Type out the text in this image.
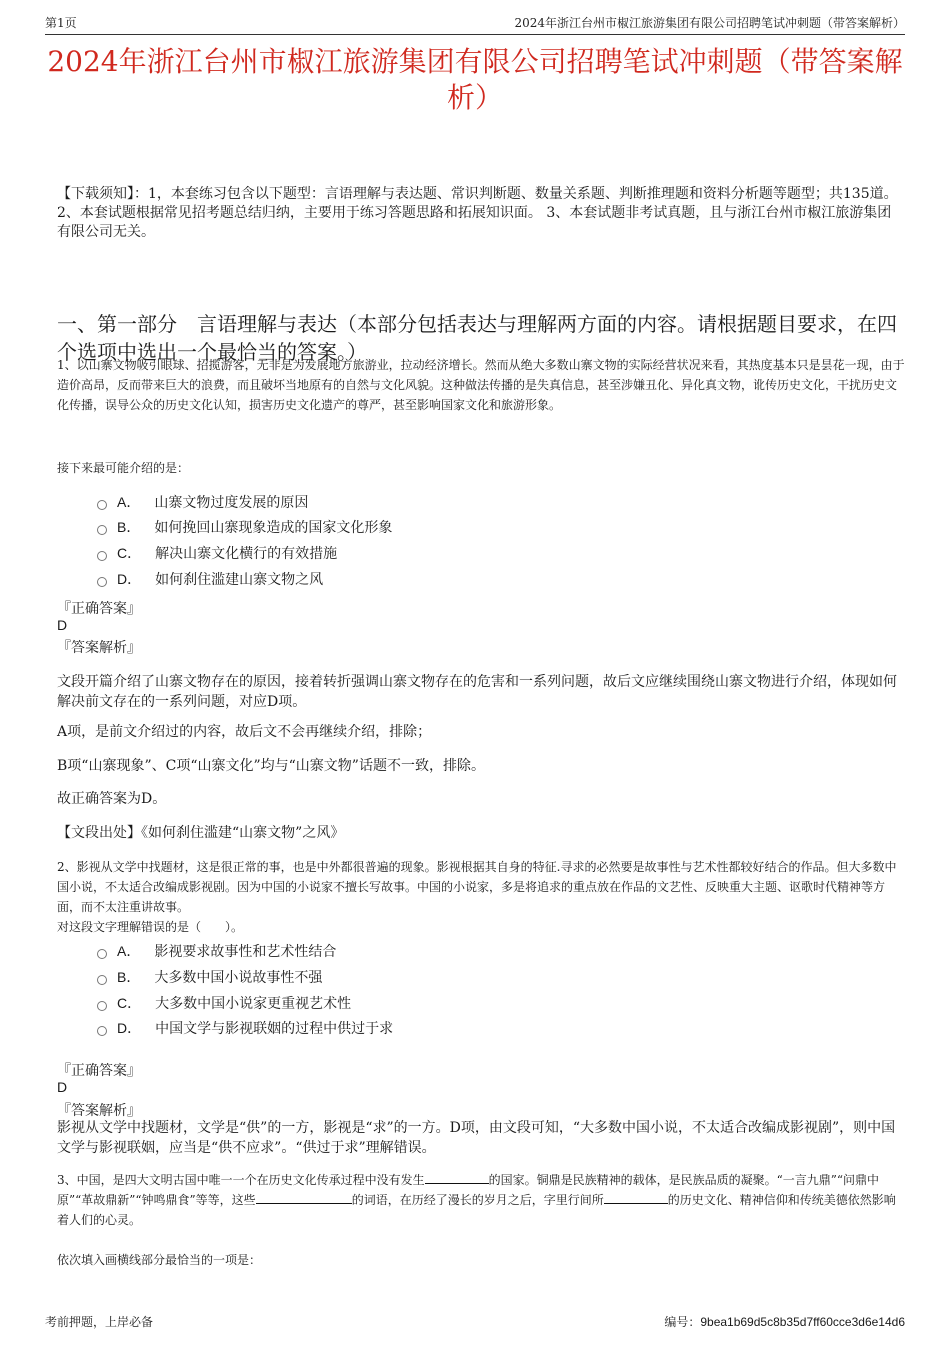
第1页	2024年浙江台州市椒江旅游集团有限公司招聘笔试冲刺题（带答案解析）
2024年浙江台州市椒江旅游集团有限公司招聘笔试冲刺题（带答案解析）
【下载须知】：1，本套练习包含以下题型：言语理解与表达题、常识判断题、数量关系题、判断推理题和资料分析题等题型；共135道。 2、本套试题根据常见招考题总结归纳，主要用于练习答题思路和拓展知识面。 3、本套试题非考试真题，且与浙江台州市椒江旅游集团有限公司无关。
一、第一部分　言语理解与表达（本部分包括表达与理解两方面的内容。请根据题目要求，在四个选项中选出一个最恰当的答案。）
1、以山寨文物吸引眼球、招揽游客，无非是为发展地方旅游业，拉动经济增长。然而从绝大多数山寨文物的实际经营状况来看，其热度基本只是昙花一现，由于造价高昂，反而带来巨大的浪费，而且破坏当地原有的自然与文化风貌。这种做法传播的是失真信息，甚至涉嫌丑化、异化真文物，讹传历史文化，干扰历史文化传播，误导公众的历史文化认知，损害历史文化遗产的尊严，甚至影响国家文化和旅游形象。
接下来最可能介绍的是：
A． 山寨文物过度发展的原因
B． 如何挽回山寨现象造成的国家文化形象
C． 解决山寨文化横行的有效措施
D． 如何刹住滥建山寨文物之风
『正确答案』
D
『答案解析』
文段开篇介绍了山寨文物存在的原因，接着转折强调山寨文物存在的危害和一系列问题，故后文应继续围绕山寨文物进行介绍，体现如何解决前文存在的一系列问题，对应D项。
A项，是前文介绍过的内容，故后文不会再继续介绍，排除；
B项“山寨现象”、C项“山寨文化”均与“山寨文物”话题不一致，排除。
故正确答案为D。
【文段出处】《如何刹住滥建“山寨文物”之风》
2、影视从文学中找题材，这是很正常的事，也是中外都很普遍的现象。影视根据其自身的特征.寻求的必然要是故事性与艺术性都较好结合的作品。但大多数中国小说，不太适合改编成影视剧。因为中国的小说家不擅长写故事。中国的小说家，多是将追求的重点放在作品的文艺性、反映重大主题、讴歌时代精神等方面，而不太注重讲故事。
对这段文字理解错误的是（　　）。
A． 影视要求故事性和艺术性结合
B． 大多数中国小说故事性不强
C． 大多数中国小说家更重视艺术性
D． 中国文学与影视联姻的过程中供过于求
『正确答案』
D
『答案解析』
影视从文学中找题材，文学是“供”的一方，影视是“求”的一方。D项，由文段可知，“大多数中国小说，不太适合改编成影视剧”，则中国文学与影视联姻，应当是“供不应求”。“供过于求”理解错误。
3、中国，是四大文明古国中唯一一个在历史文化传承过程中没有发生	的国家。铜鼎是民族精神的载体，是民族品质的凝聚。“一言九鼎”“问鼎中原”“革故鼎新”“钟鸣鼎食”等等，这些	的词语，在历经了漫长的岁月之后，字里行间所	的历史文化、精神信仰和传统美德依然影响着人们的心灵。
依次填入画横线部分最恰当的一项是：
考前押题，上岸必备	编号：9bea1b69d5c8b35d7ff60cce3d6e14d6
